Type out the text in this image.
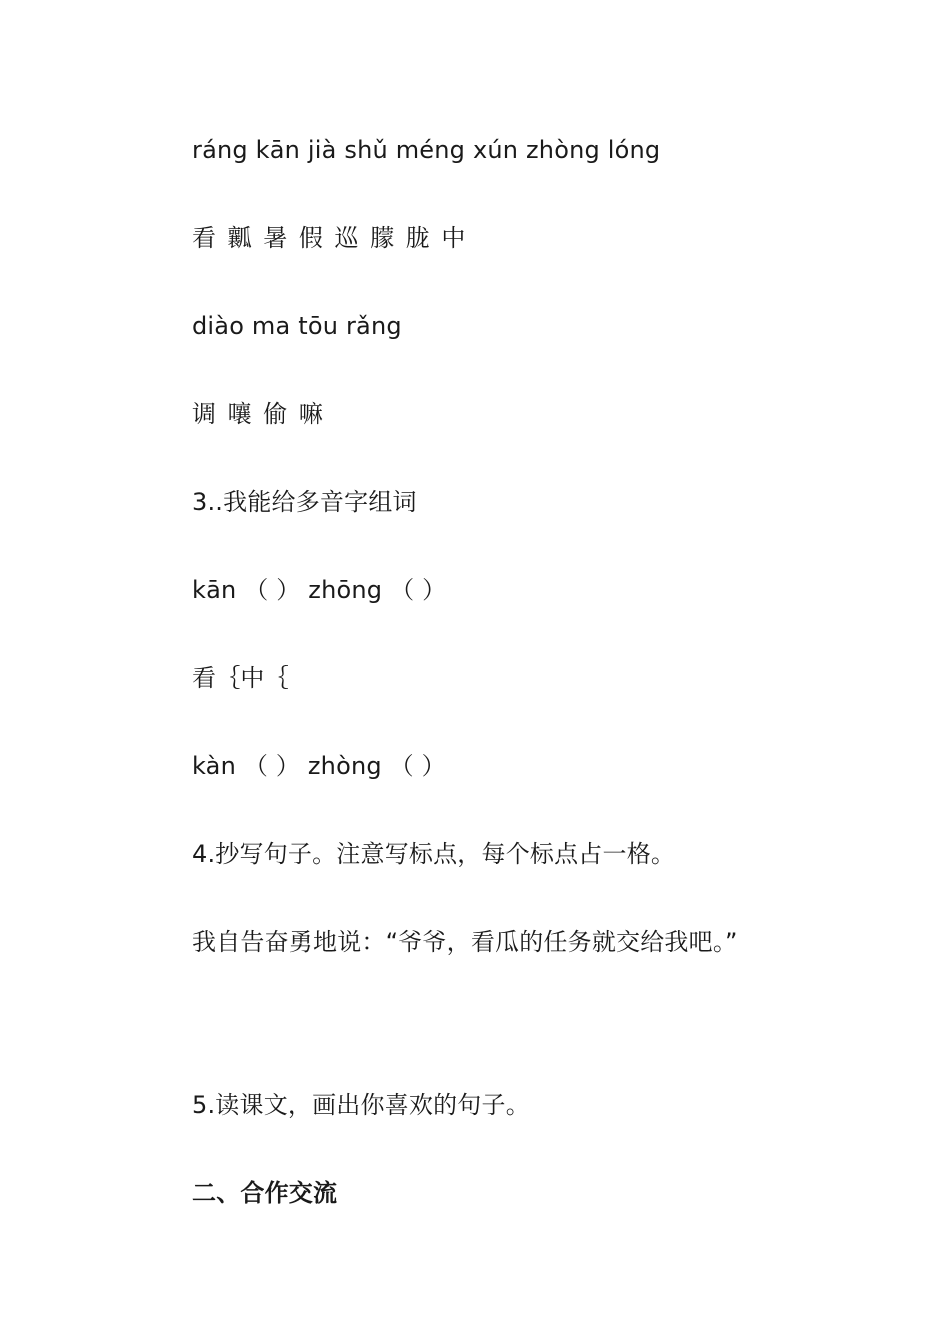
ráng kān jià shǔ méng xún zhòng lóng
看 瓤 暑 假 巡 朦 胧 中
diào ma tōu rǎng
调 嚷 偷 嘛
3..我能给多音字组词
kān （ ） zhōng （ ）
看｛中｛
kàn （ ） zhòng （ ）
4.抄写句子。注意写标点，每个标点占一格。
我自告奋勇地说：“爷爷，看瓜的任务就交给我吧。”
5.读课文，画出你喜欢的句子。
二、合作交流
